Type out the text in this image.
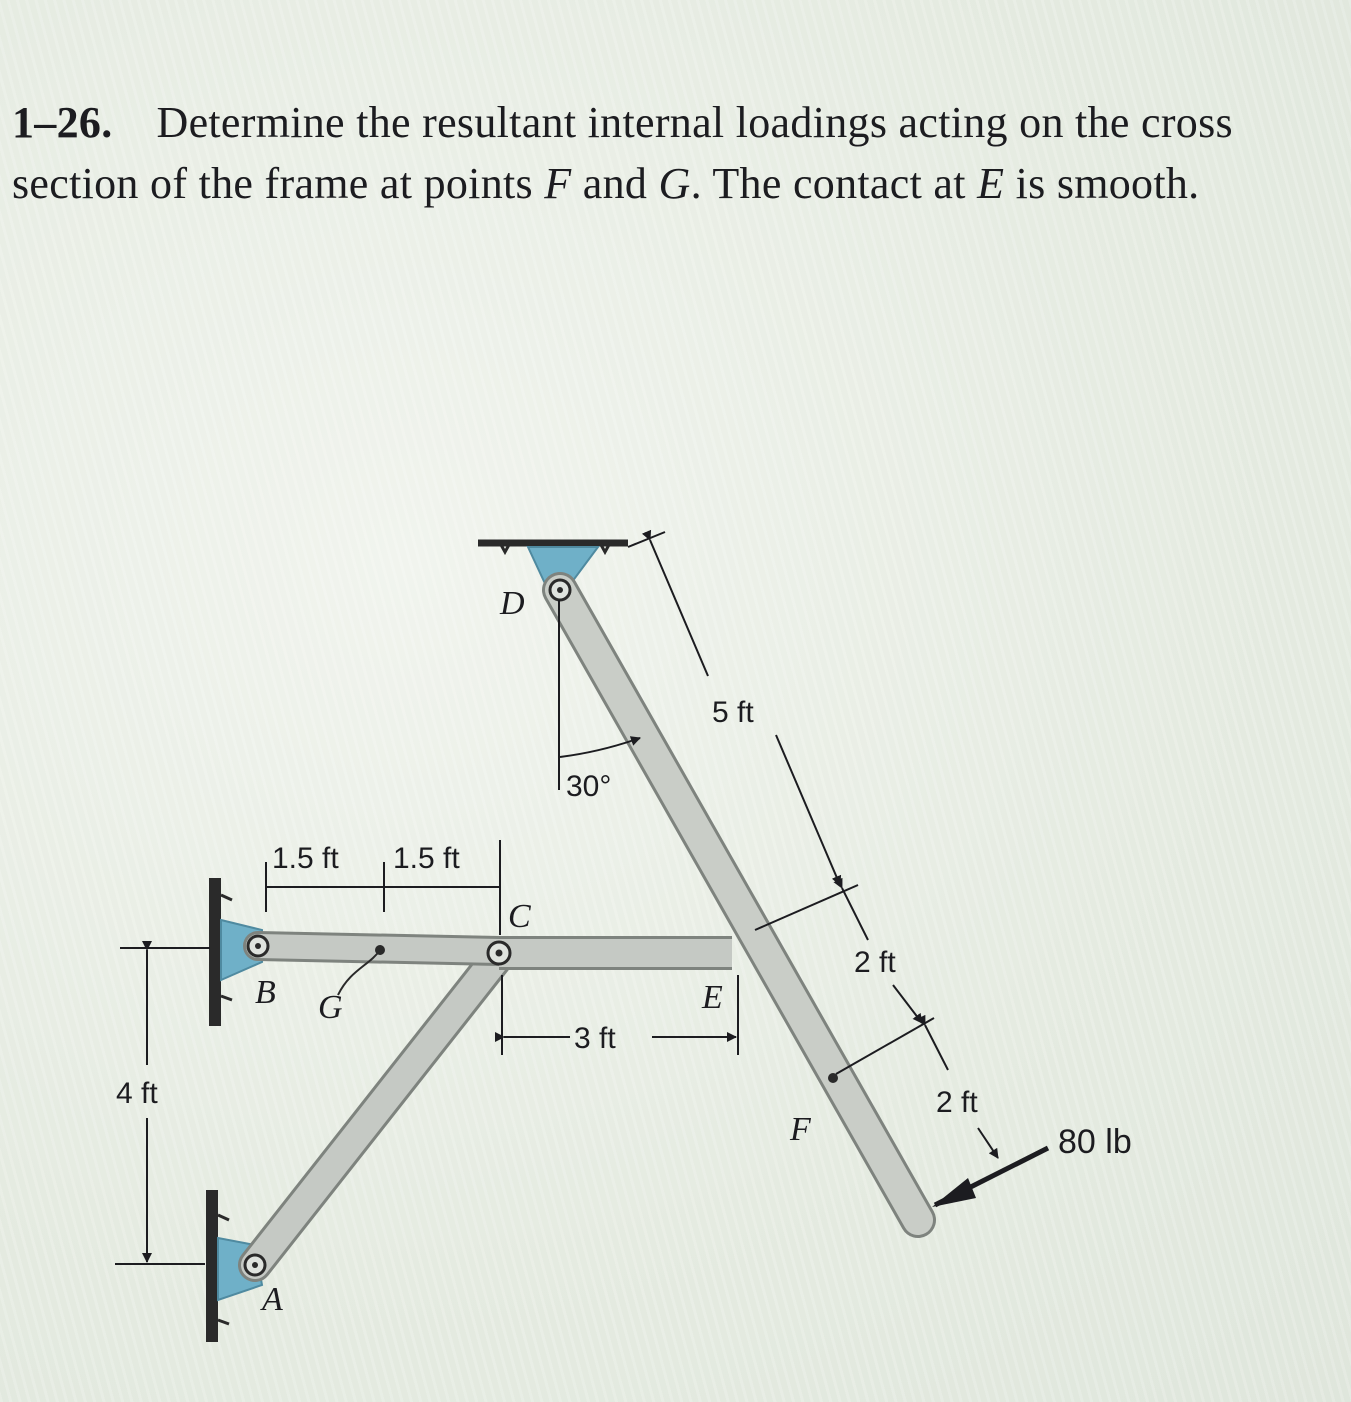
1–26. Determine the resultant internal loadings acting on the cross section of the frame at points F and G. The contact at E is smooth.
1.5 ft 1.5 ft
3 ft
4 ft
30°
5 ft
2 ft
2 ft
80 lb
D
C
B G	E
F
A
